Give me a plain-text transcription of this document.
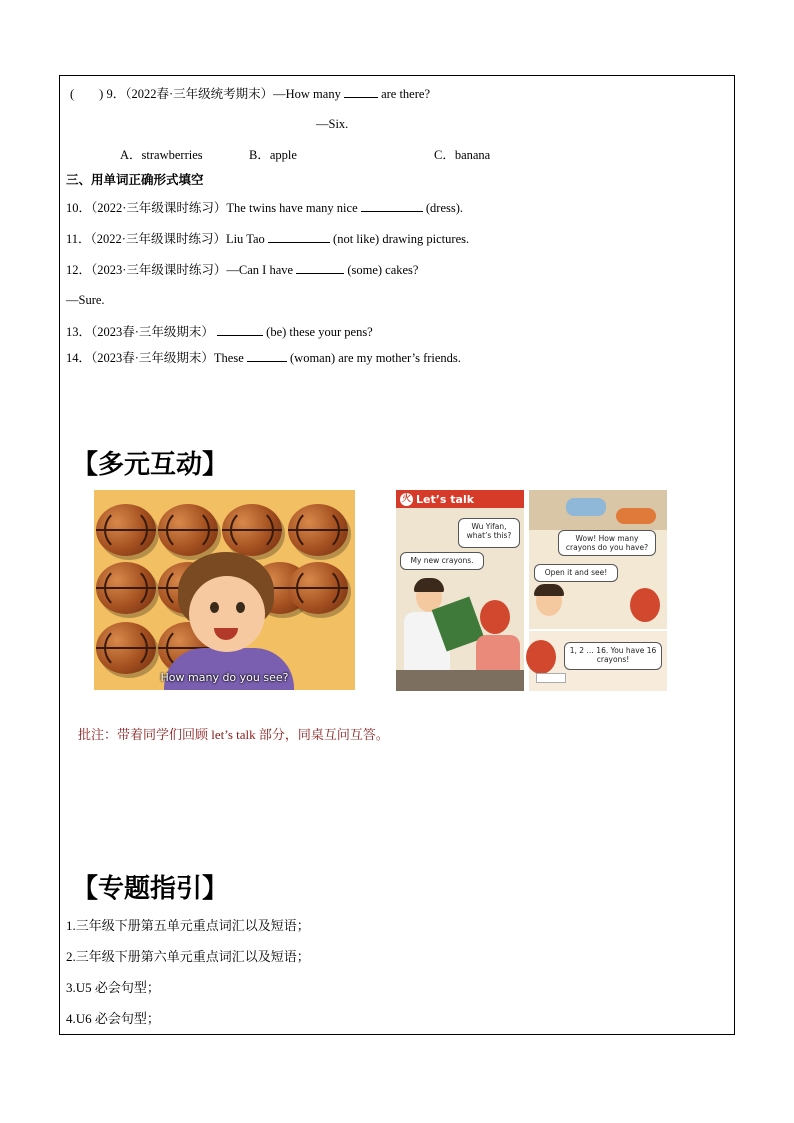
(　　) 9．（2022春·三年级统考期末）—How many	are there?
—Six.
A．strawberries	B．apple	C．banana
三、用单词正确形式填空
10．（2022·三年级课时练习）The twins have many nice	(dress).
11．（2022·三年级课时练习）Liu Tao	(not like) drawing pictures.
12．（2023·三年级课时练习）—Can I have	(some) cakes?
—Sure.
13．（2023春·三年级期末）	(be) these your pens?
14．（2023春·三年级期末）These	(woman) are my mother’s friends.
【多元互动】
How many do you see?
火 Let’s talk
Wu Yifan, what’s this?
My new crayons.
Wow! How many crayons do you have?
Open it and see!
1, 2 … 16. You have 16 crayons!
批注：带着同学们回顾 let’s talk 部分，同桌互问互答。
【专题指引】
1.三年级下册第五单元重点词汇以及短语；
2.三年级下册第六单元重点词汇以及短语；
3.U5 必会句型；
4.U6 必会句型；
